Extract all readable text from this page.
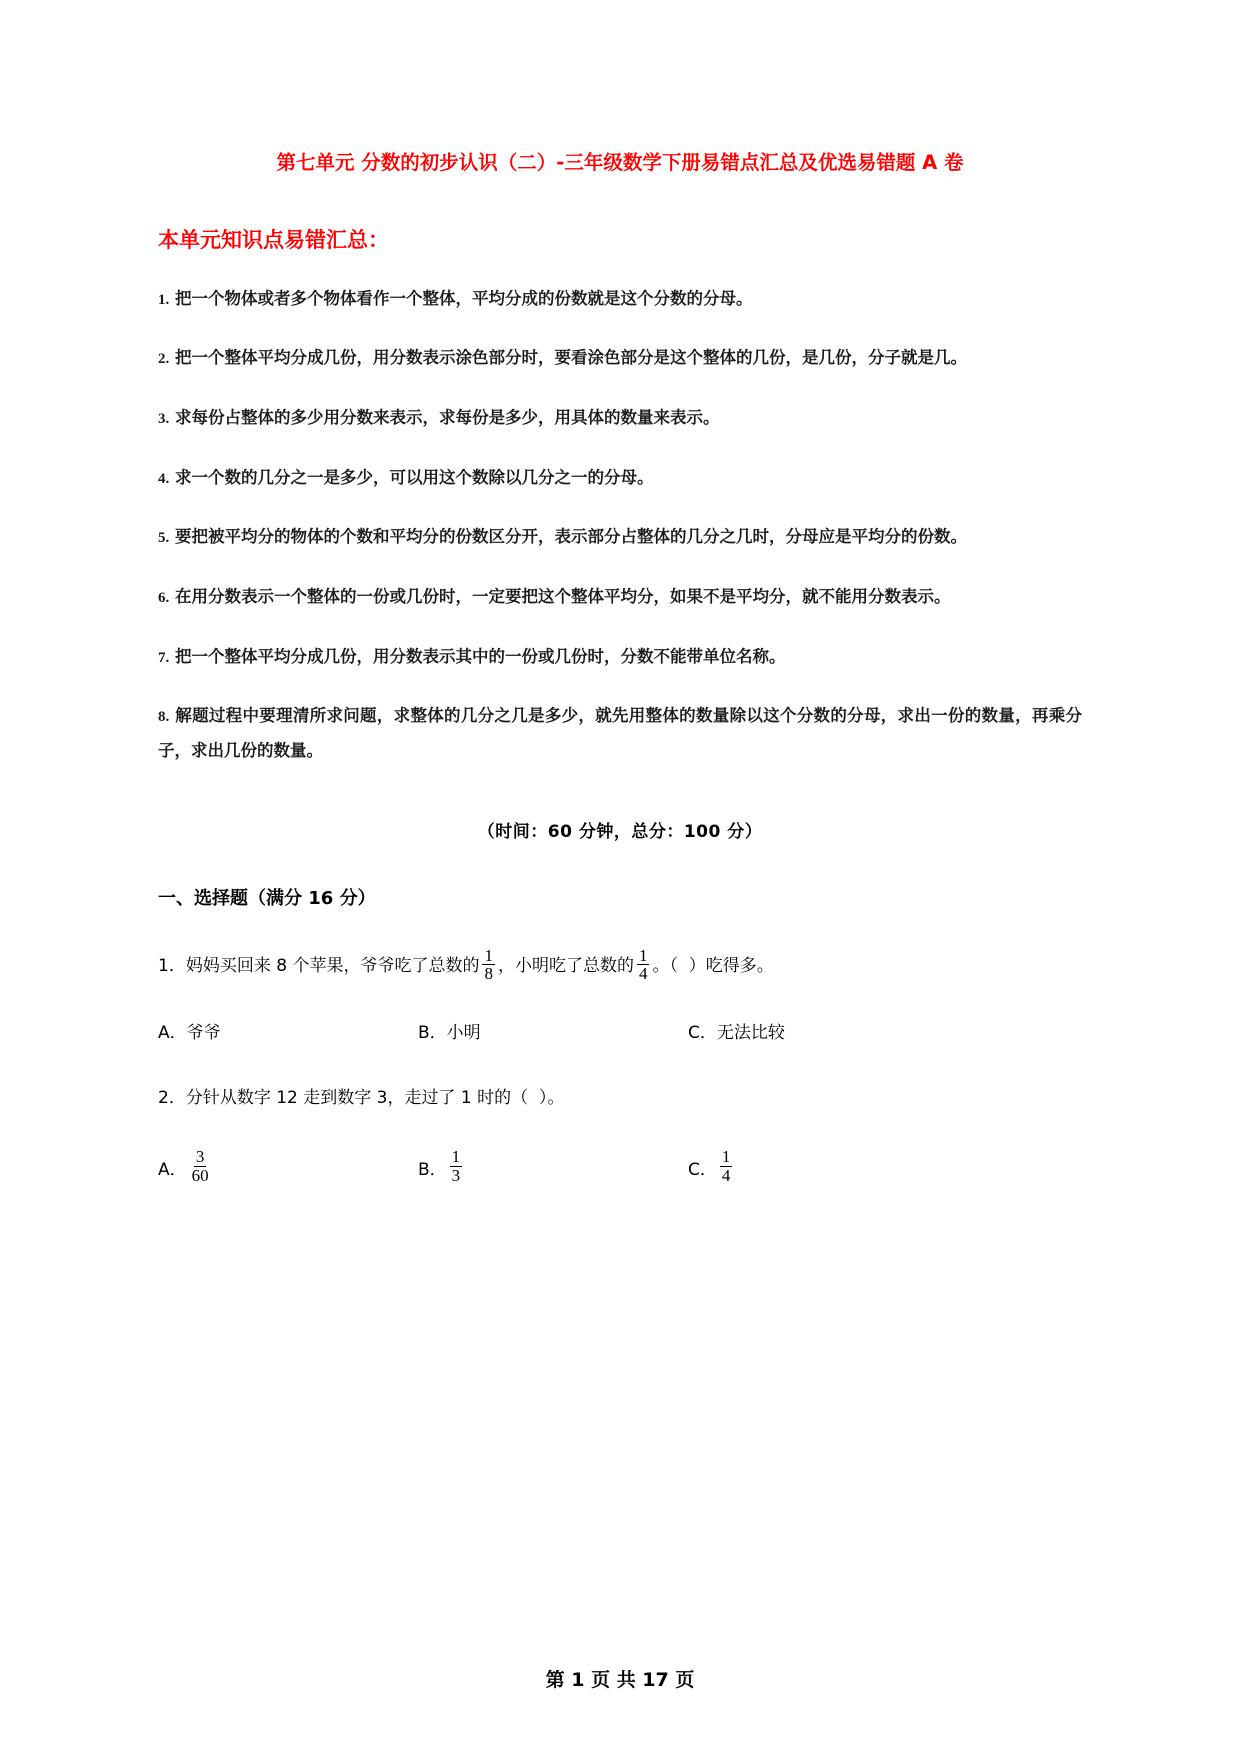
第七单元 分数的初步认识（二）-三年级数学下册易错点汇总及优选易错题 A 卷
本单元知识点易错汇总：
1. 把一个物体或者多个物体看作一个整体，平均分成的份数就是这个分数的分母。
2. 把一个整体平均分成几份，用分数表示涂色部分时，要看涂色部分是这个整体的几份，是几份，分子就是几。
3. 求每份占整体的多少用分数来表示，求每份是多少，用具体的数量来表示。
4. 求一个数的几分之一是多少，可以用这个数除以几分之一的分母。
5. 要把被平均分的物体的个数和平均分的份数区分开，表示部分占整体的几分之几时，分母应是平均分的份数。
6. 在用分数表示一个整体的一份或几份时，一定要把这个整体平均分，如果不是平均分，就不能用分数表示。
7. 把一个整体平均分成几份，用分数表示其中的一份或几份时，分数不能带单位名称。
8. 解题过程中要理清所求问题，求整体的几分之几是多少，就先用整体的数量除以这个分数的分母，求出一份的数量，再乘分子，求出几份的数量。
（时间：60 分钟，总分：100 分）
一、选择题（满分 16 分）
1． 妈妈买回来 8 个苹果，爷爷吃了总数的 $\frac{1}{8}$ ，小明吃了总数的 $\frac{1}{4}$ 。（  ）吃得多。
A．爷爷	B．小明	C．无法比较
2． 分针从数字 12 走到数字 3，走过了 1 时的（  ）。
A． $\frac{3}{60}$	B． $\frac{1}{3}$	C． $\frac{1}{4}$
第 1 页 共 17 页
